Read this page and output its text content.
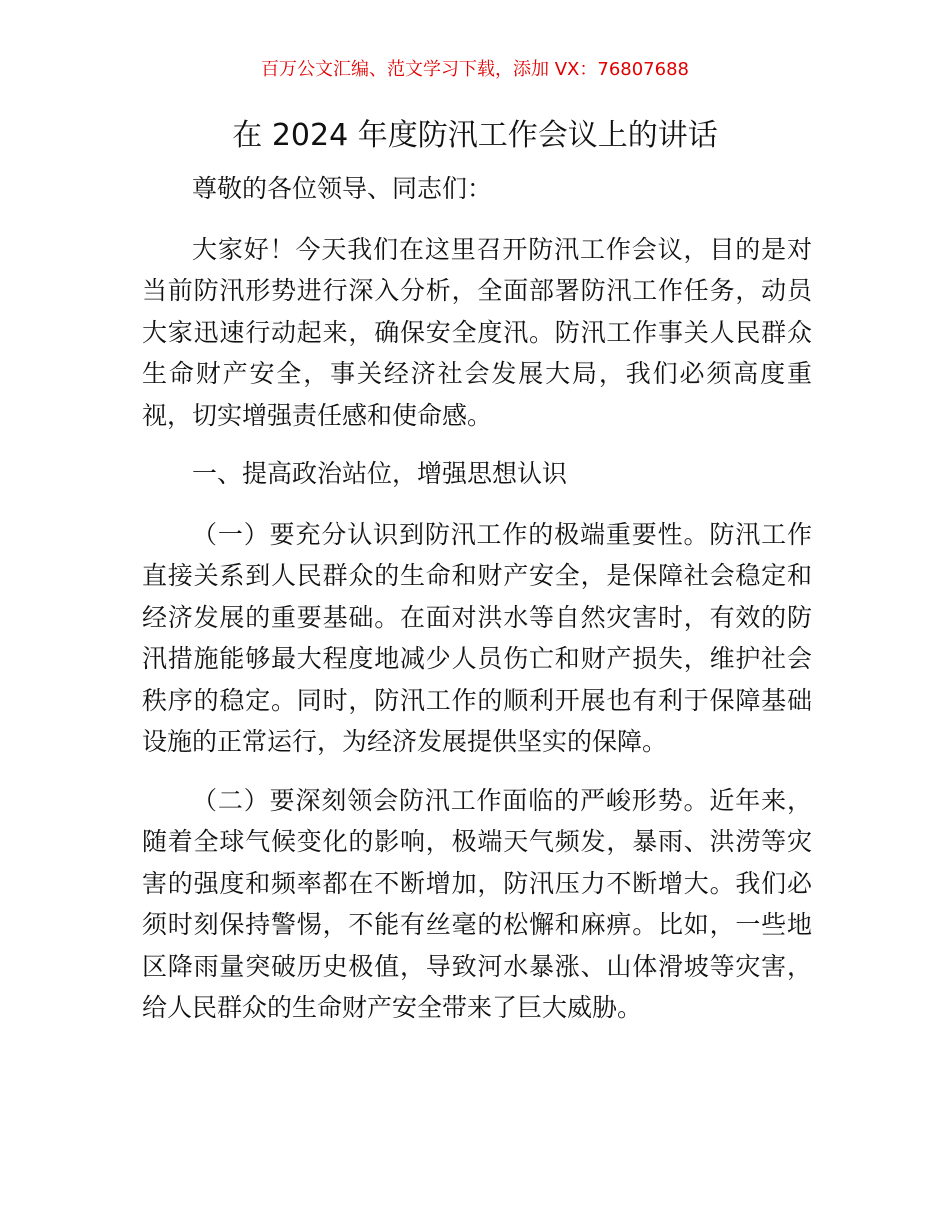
百万公文汇编、范文学习下载，添加 VX：76807688
在 2024 年度防汛工作会议上的讲话

尊敬的各位领导、同志们：

大家好！今天我们在这里召开防汛工作会议，目的是对当前防汛形势进行深入分析，全面部署防汛工作任务，动员大家迅速行动起来，确保安全度汛。防汛工作事关人民群众生命财产安全，事关经济社会发展大局，我们必须高度重视，切实增强责任感和使命感。

一、提高政治站位，增强思想认识

（一）要充分认识到防汛工作的极端重要性。防汛工作直接关系到人民群众的生命和财产安全，是保障社会稳定和经济发展的重要基础。在面对洪水等自然灾害时，有效的防汛措施能够最大程度地减少人员伤亡和财产损失，维护社会秩序的稳定。同时，防汛工作的顺利开展也有利于保障基础设施的正常运行，为经济发展提供坚实的保障。

（二）要深刻领会防汛工作面临的严峻形势。近年来，随着全球气候变化的影响，极端天气频发，暴雨、洪涝等灾害的强度和频率都在不断增加，防汛压力不断增大。我们必须时刻保持警惕，不能有丝毫的松懈和麻痹。比如，一些地区降雨量突破历史极值，导致河水暴涨、山体滑坡等灾害，给人民群众的生命财产安全带来了巨大威胁。
